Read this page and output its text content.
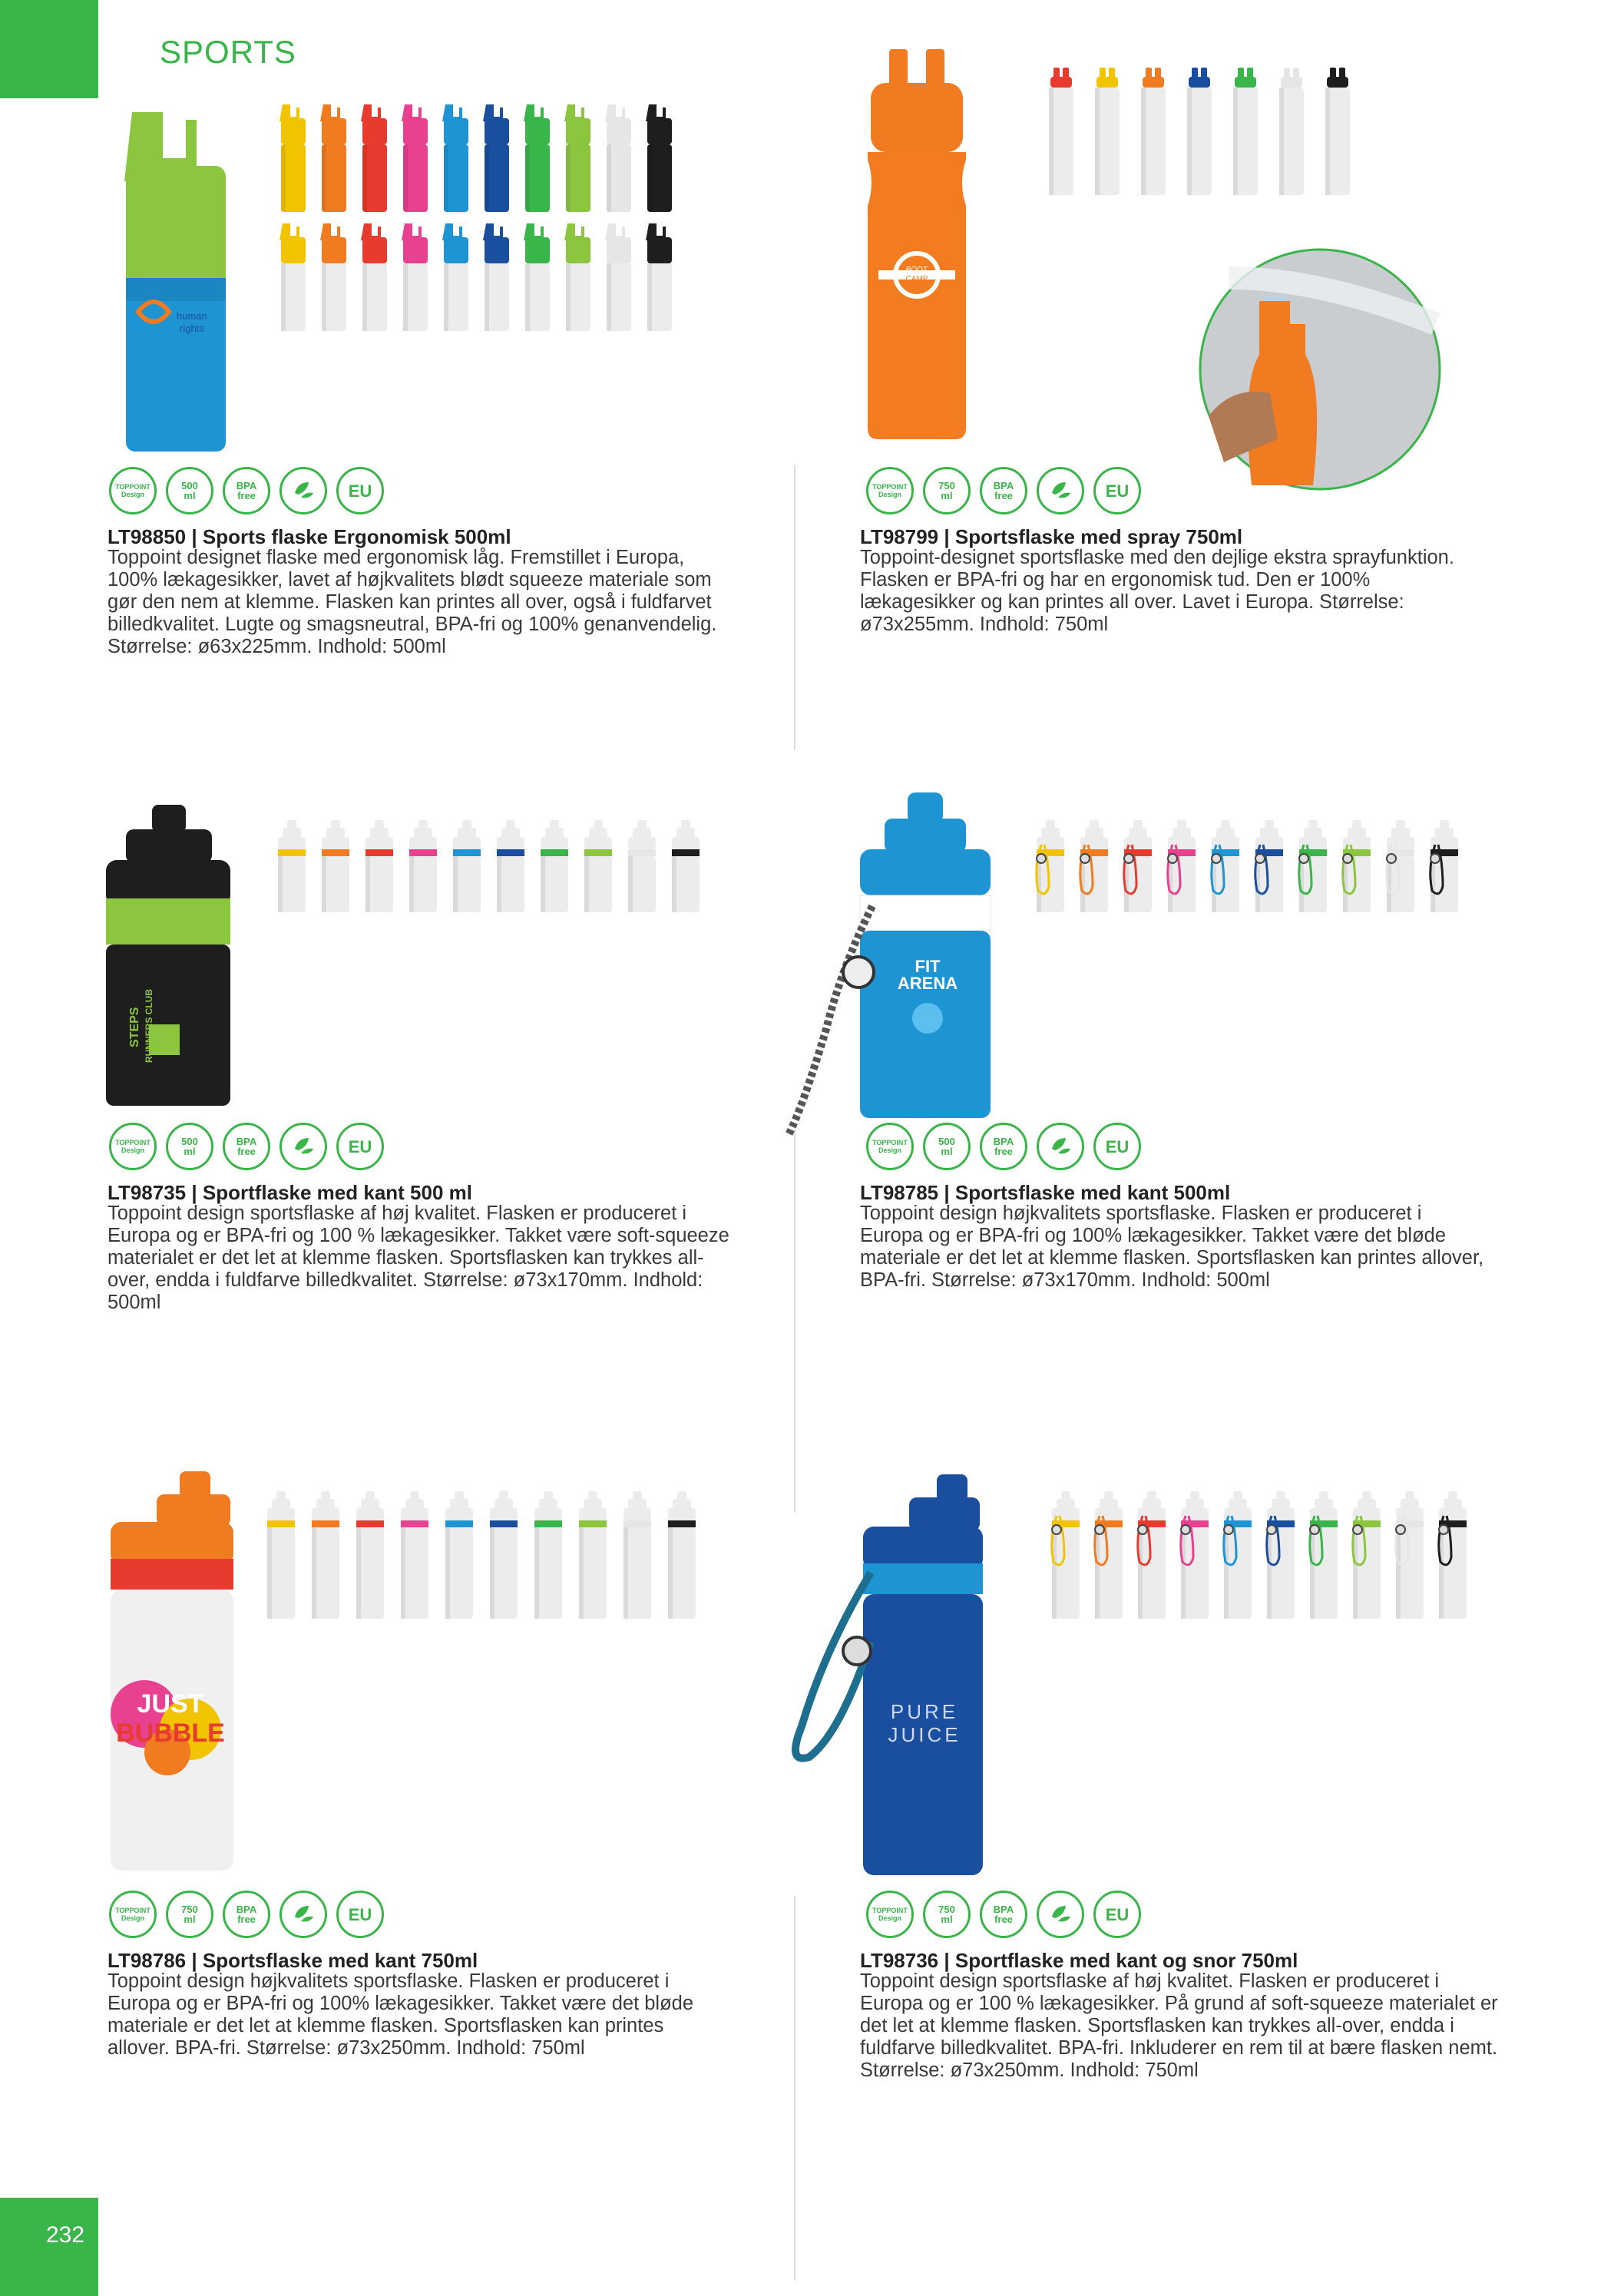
SPORTS
human
rights
TOPPOINT
Design
500
ml
BPA
free	EU
LT98850 | Sports flaske Ergonomisk 500ml
Toppoint designet flaske med ergonomisk låg. Fremstillet i Europa, 100% lækagesikker, lavet af højkvalitets blødt squeeze materiale som gør den nem at klemme. Flasken kan printes all over, også i fuldfarvet billedkvalitet. Lugte og smagsneutral, BPA-fri og 100% genanvendelig. Størrelse: ø63x225mm. Indhold: 500ml
BOOT
CAMP
TOPPOINT
Design
750
ml
BPA
free	EU
LT98799 | Sportsflaske med spray 750ml
Toppoint-designet sportsflaske med den dejlige ekstra sprayfunktion. Flasken er BPA-fri og har en ergonomisk tud. Den er 100% lækagesikker og kan printes all over. Lavet i Europa. Størrelse: ø73x255mm. Indhold: 750ml
STEPS RUNNERS CLUB
TOPPOINT
Design
500
ml
BPA
free	EU
LT98735 | Sportflaske med kant 500 ml
Toppoint design sportsflaske af høj kvalitet. Flasken er produceret i Europa og er BPA-fri og 100 % lækagesikker. Takket være soft-squeeze materialet er det let at klemme flasken. Sportsflasken kan trykkes all-over, endda i fuldfarve billedkvalitet. Størrelse: ø73x170mm. Indhold: 500ml
FIT
ARENA
TOPPOINT
Design
500
ml
BPA
free	EU
LT98785 | Sportsflaske med kant 500ml
Toppoint design højkvalitets sportsflaske. Flasken er produceret i Europa og er BPA-fri og 100% lækagesikker. Takket være det bløde materiale er det let at klemme flasken. Sportsflasken kan printes allover, BPA-fri. Størrelse: ø73x170mm. Indhold: 500ml
JUST
BUBBLE
TOPPOINT
Design
750
ml
BPA
free	EU
LT98786 | Sportsflaske med kant 750ml
Toppoint design højkvalitets sportsflaske. Flasken er produceret i Europa og er BPA-fri og 100% lækagesikker. Takket være det bløde materiale er det let at klemme flasken. Sportsflasken kan printes allover. BPA-fri. Størrelse: ø73x250mm. Indhold: 750ml
PURE
JUICE
TOPPOINT
Design
750
ml
BPA
free	EU
LT98736 | Sportflaske med kant og snor 750ml
Toppoint design sportsflaske af høj kvalitet. Flasken er produceret i Europa og er 100 % lækagesikker. På grund af soft-squeeze materialet er det let at klemme flasken. Sportsflasken kan trykkes all-over, endda i fuldfarve billedkvalitet. BPA-fri. Inkluderer en rem til at bære flasken nemt. Størrelse: ø73x250mm. Indhold: 750ml
232
